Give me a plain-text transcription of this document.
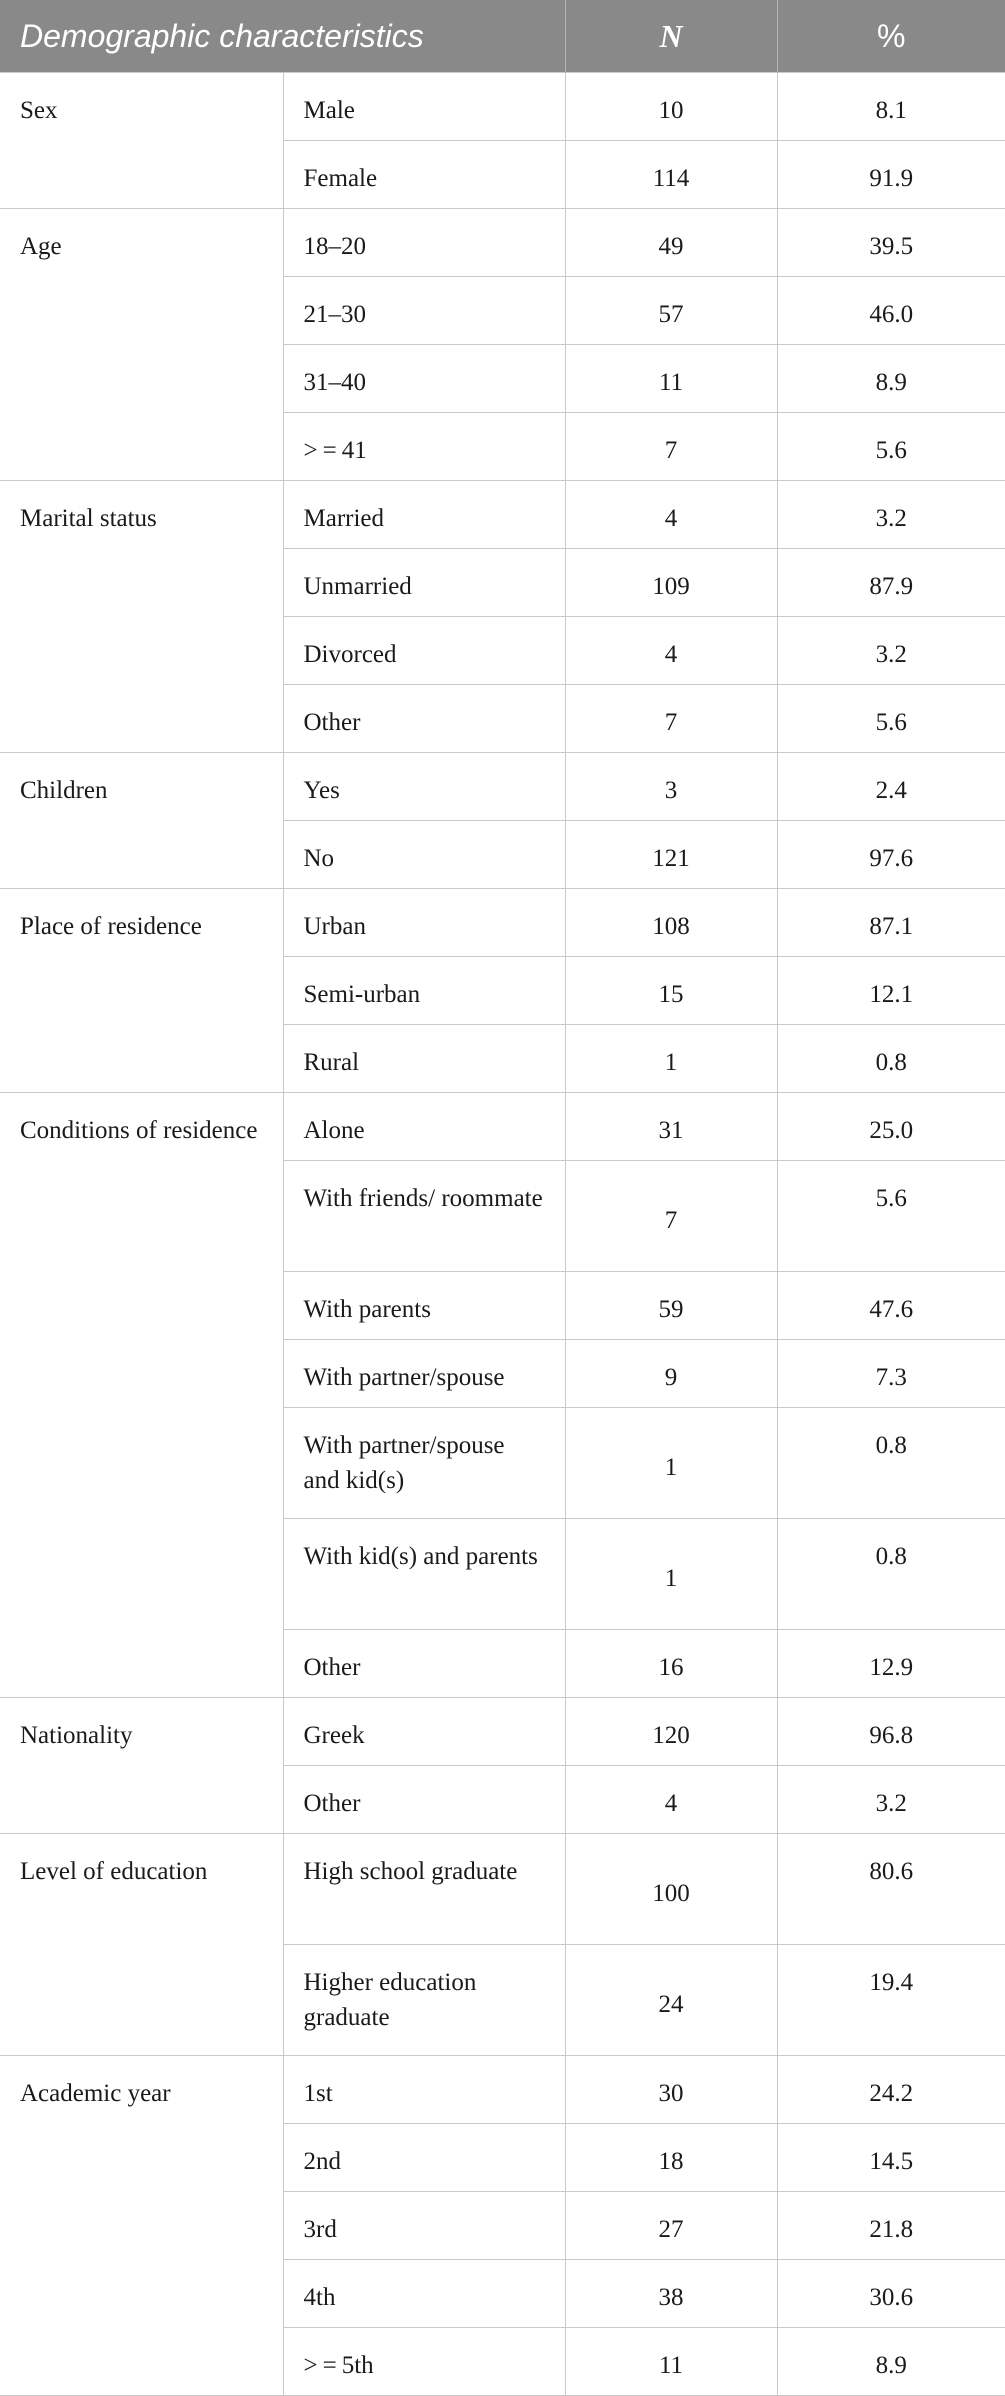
Demographic characteristics		N	%
Sex	Male	10	8.1
	Female	114	91.9
Age	18–20	49	39.5
	21–30	57	46.0
	31–40	11	8.9
	> = 41	7	5.6
Marital status	Married	4	3.2
	Unmarried	109	87.9
	Divorced	4	3.2
	Other	7	5.6
Children	Yes	3	2.4
	No	121	97.6
Place of residence	Urban	108	87.1
	Semi-urban	15	12.1
	Rural	1	0.8
Conditions of residence	Alone	31	25.0
	With friends/ roommate	7	5.6
	With parents	59	47.6
	With partner/spouse	9	7.3
	With partner/spouse and kid(s)	1	0.8
	With kid(s) and parents	1	0.8
	Other	16	12.9
Nationality	Greek	120	96.8
	Other	4	3.2
Level of education	High school graduate	100	80.6
	Higher education graduate	24	19.4
Academic year	1st	30	24.2
	2nd	18	14.5
	3rd	27	21.8
	4th	38	30.6
	> = 5th	11	8.9
